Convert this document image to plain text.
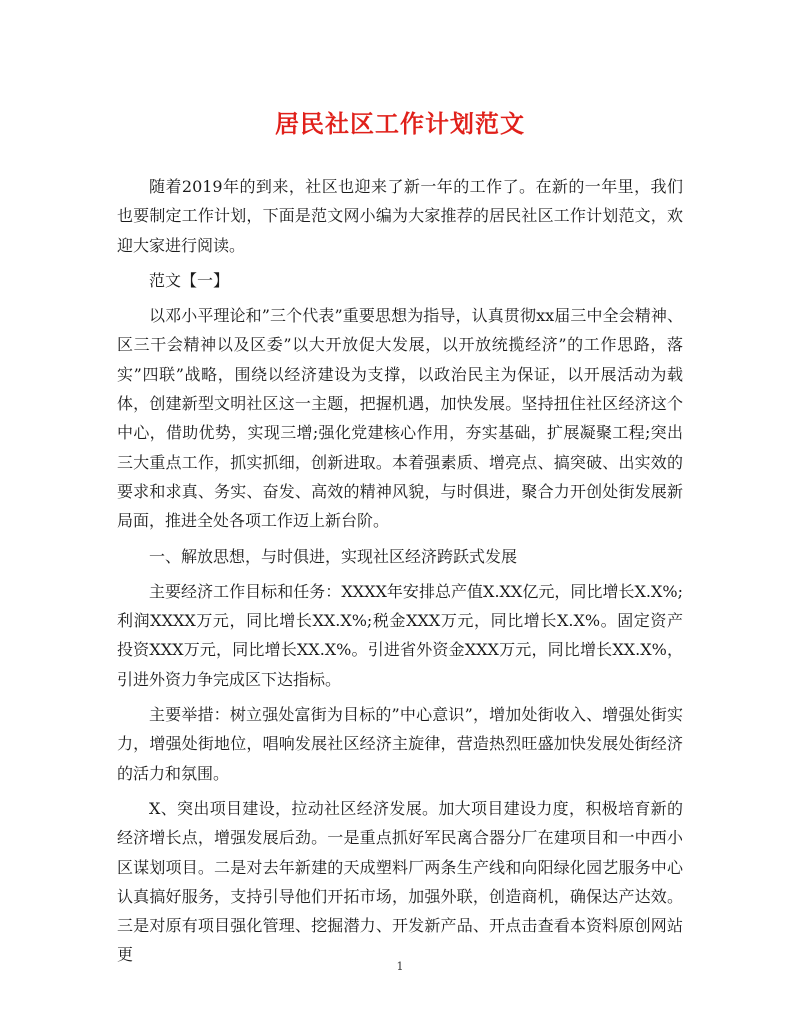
居民社区工作计划范文

随着2019年的到来，社区也迎来了新一年的工作了。在新的一年里，我们也要制定工作计划，下面是范文网小编为大家推荐的居民社区工作计划范文，欢迎大家进行阅读。

范文【一】

以邓小平理论和”三个代表”重要思想为指导，认真贯彻xx届三中全会精神、区三干会精神以及区委”以大开放促大发展，以开放统揽经济”的工作思路，落实”四联”战略，围绕以经济建设为支撑，以政治民主为保证，以开展活动为载体，创建新型文明社区这一主题，把握机遇，加快发展。坚持扭住社区经济这个中心，借助优势，实现三增;强化党建核心作用，夯实基础，扩展凝聚工程;突出三大重点工作，抓实抓细，创新进取。本着强素质、增亮点、搞突破、出实效的要求和求真、务实、奋发、高效的精神风貌，与时俱进，聚合力开创处街发展新局面，推进全处各项工作迈上新台阶。

一、解放思想，与时俱进，实现社区经济跨跃式发展

主要经济工作目标和任务：XXXX年安排总产值X.XX亿元，同比增长X.X%;利润XXXX万元，同比增长XX.X%;税金XXX万元，同比增长X.X%。固定资产投资XXX万元，同比增长XX.X%。引进省外资金XXX万元，同比增长XX.X%，引进外资力争完成区下达指标。

主要举措：树立强处富街为目标的”中心意识”，增加处街收入、增强处街实力，增强处街地位，唱响发展社区经济主旋律，营造热烈旺盛加快发展处街经济的活力和氛围。

X、突出项目建设，拉动社区经济发展。加大项目建设力度，积极培育新的经济增长点，增强发展后劲。一是重点抓好军民离合器分厂在建项目和一中西小区谋划项目。二是对去年新建的天成塑料厂两条生产线和向阳绿化园艺服务中心认真搞好服务，支持引导他们开拓市场，加强外联，创造商机，确保达产达效。三是对原有项目强化管理、挖掘潜力、开发新产品、开点击查看本资料原创网站更

1
